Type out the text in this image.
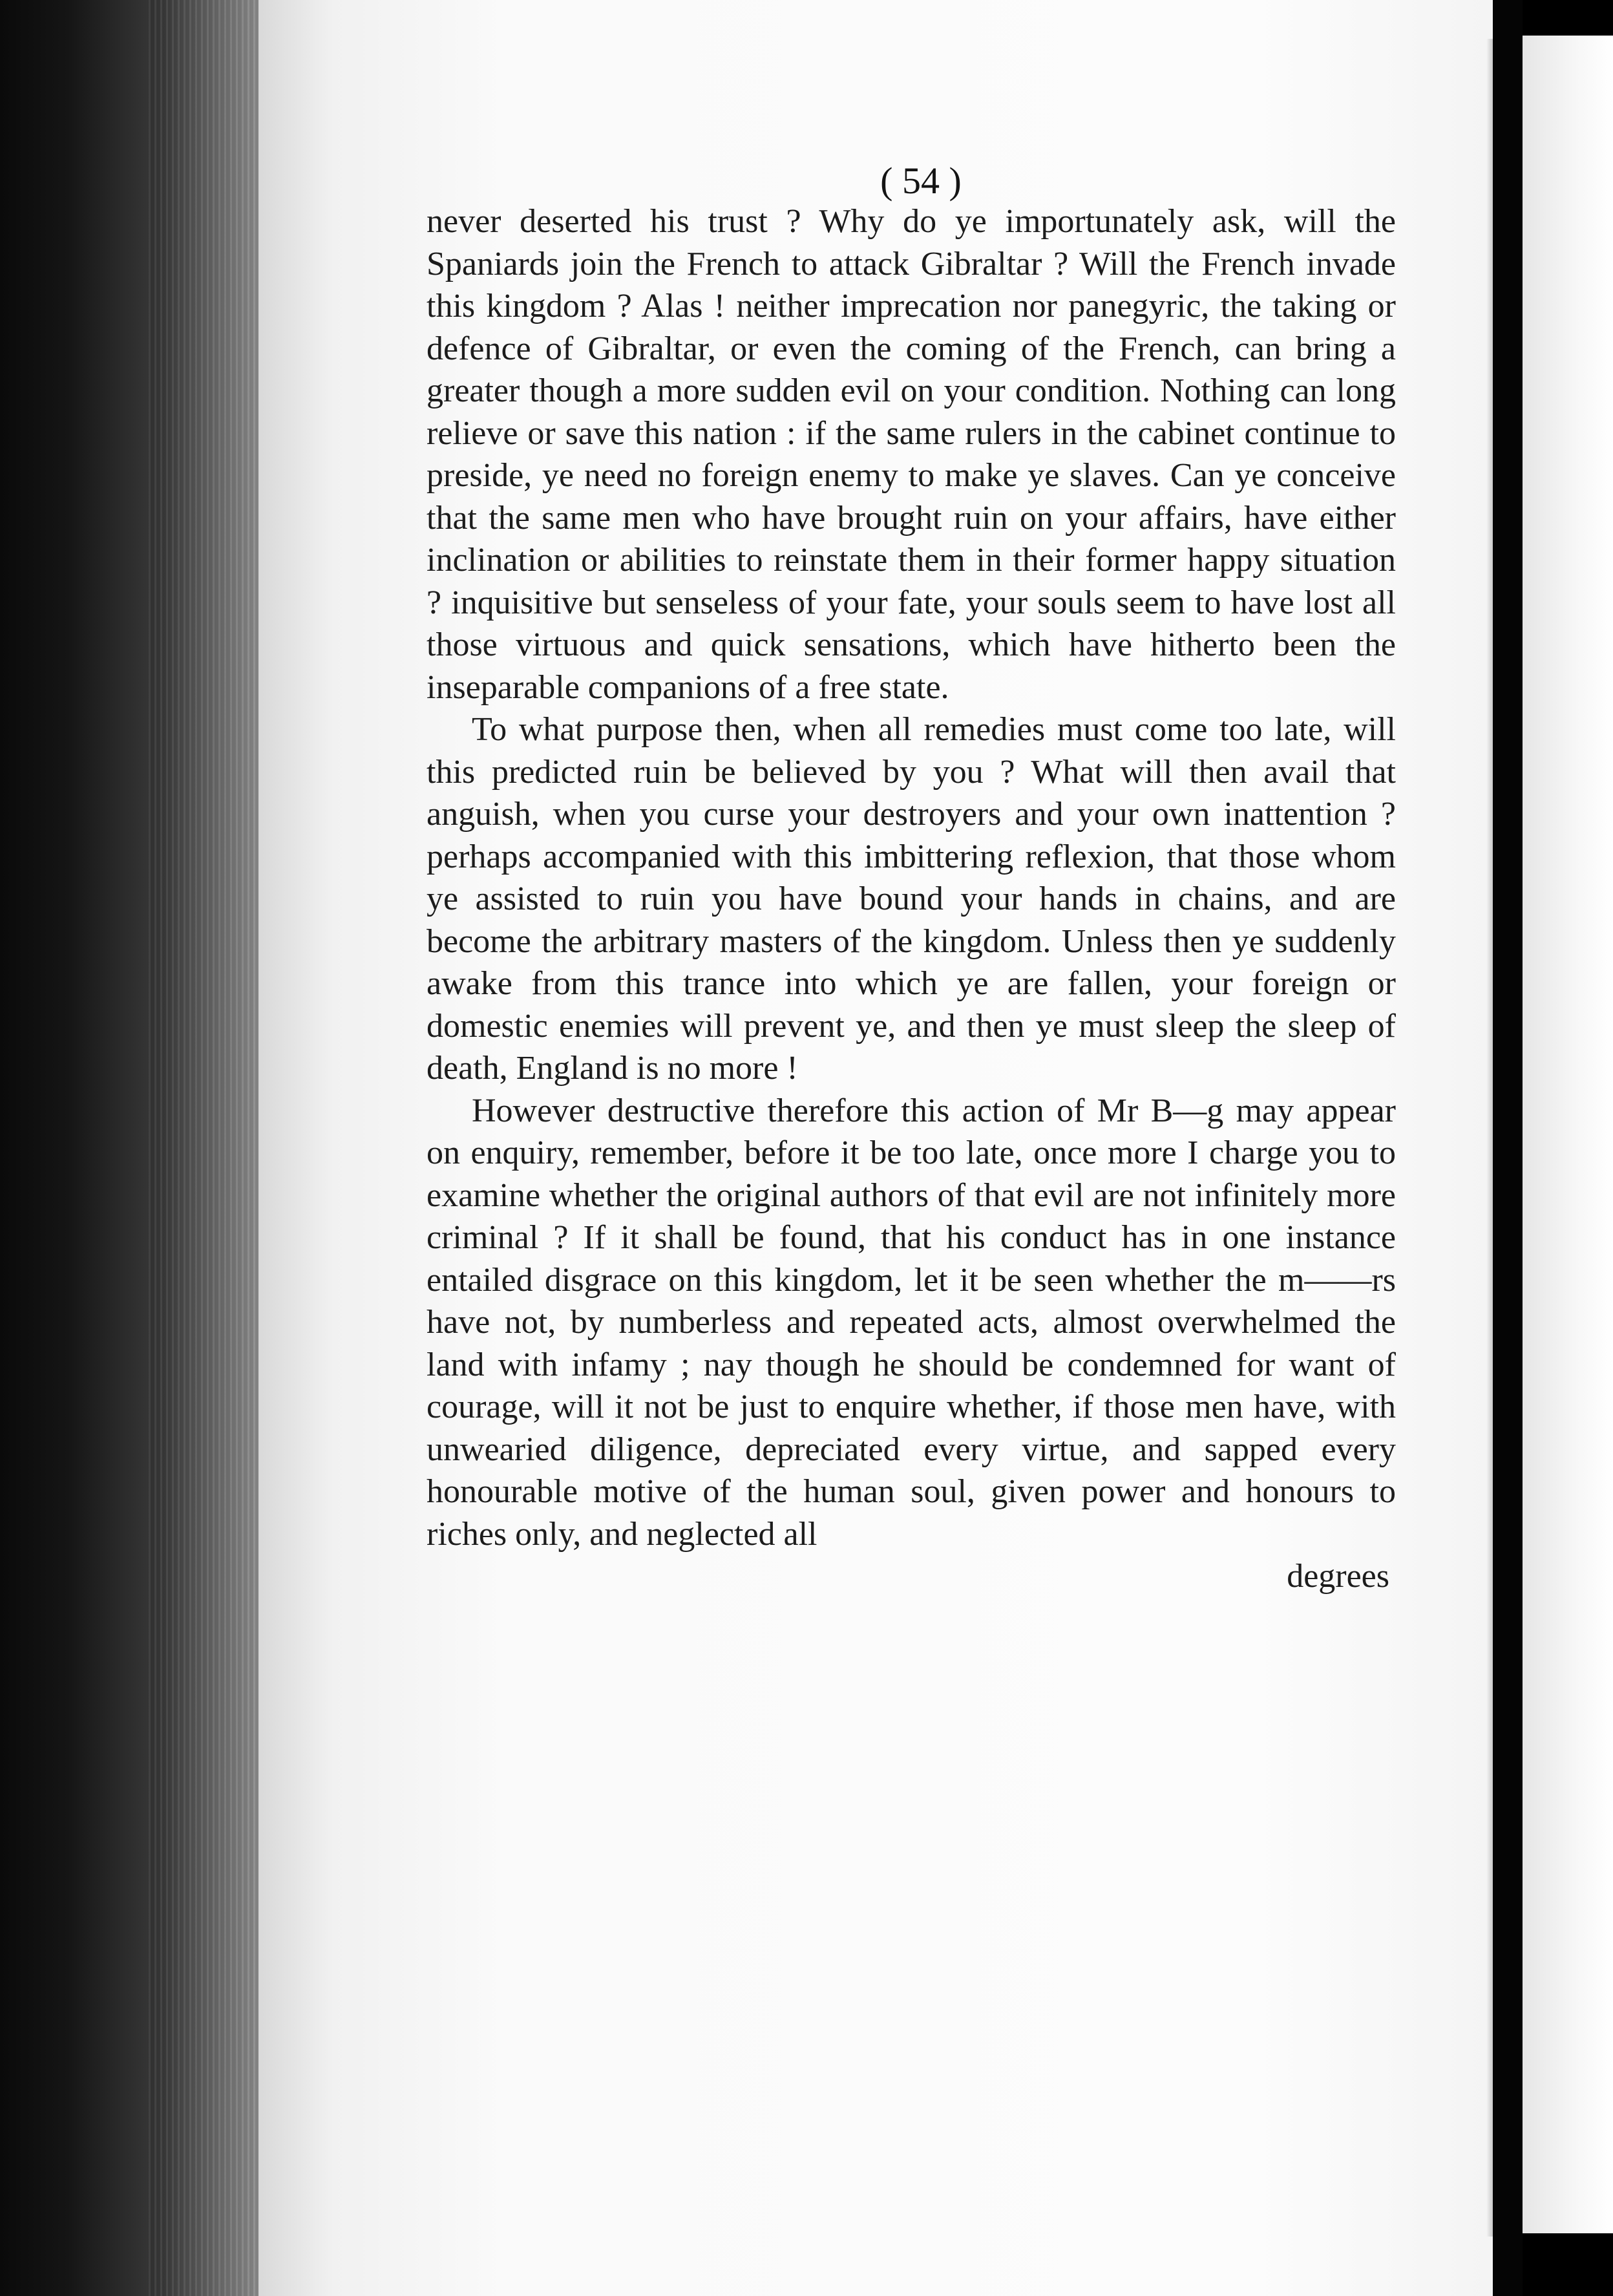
( 54 )

never deserted his trust ? Why do ye importunately ask, will the Spaniards join the French to attack Gibraltar ? Will the French invade this kingdom ? Alas ! neither imprecation nor panegyric, the taking or defence of Gibraltar, or even the coming of the French, can bring a greater though a more sudden evil on your condition. Nothing can long relieve or save this nation : if the same rulers in the cabinet continue to preside, ye need no foreign enemy to make ye slaves. Can ye conceive that the same men who have brought ruin on your affairs, have either inclination or abilities to reinstate them in their former happy situation ? inquisitive but senseless of your fate, your souls seem to have lost all those virtuous and quick sensations, which have hitherto been the inseparable companions of a free state.

To what purpose then, when all remedies must come too late, will this predicted ruin be believed by you ? What will then avail that anguish, when you curse your destroyers and your own inattention ? perhaps accompanied with this imbittering reflexion, that those whom ye assisted to ruin you have bound your hands in chains, and are become the arbitrary masters of the kingdom. Unless then ye suddenly awake from this trance into which ye are fallen, your foreign or domestic enemies will prevent ye, and then ye must sleep the sleep of death, England is no more !

However destructive therefore this action of Mr B—g may appear on enquiry, remember, before it be too late, once more I charge you to examine whether the original authors of that evil are not infinitely more criminal ? If it shall be found, that his conduct has in one instance entailed disgrace on this kingdom, let it be seen whether the m——rs have not, by numberless and repeated acts, almost overwhelmed the land with infamy ; nay though he should be condemned for want of courage, will it not be just to enquire whether, if those men have, with unwearied diligence, depreciated every virtue, and sapped every honourable motive of the human soul, given power and honours to riches only, and neglected all

degrees
